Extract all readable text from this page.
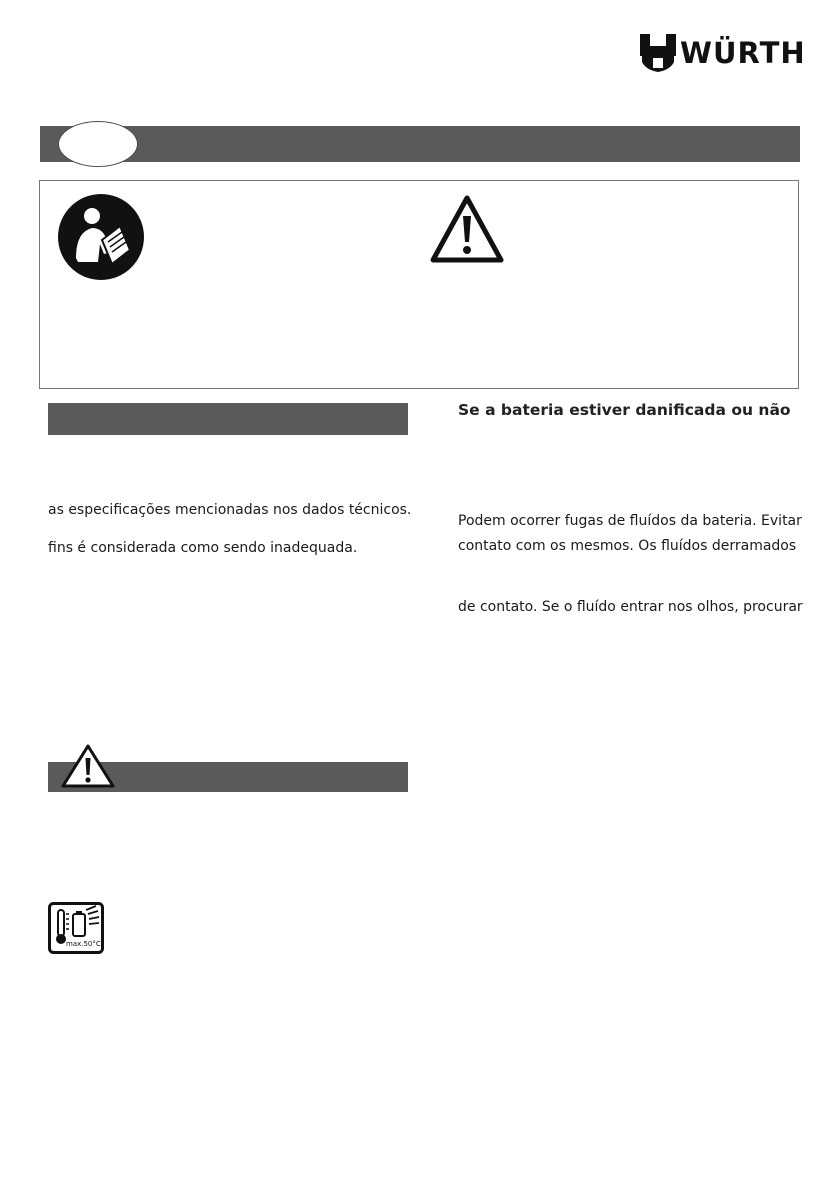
WÜRTH
as especificações mencionadas nos dados técnicos.
fins é considerada como sendo inadequada.
max.50°C
Se a bateria estiver danificada ou não
Podem ocorrer fugas de fluídos da bateria. Evitar
contato com os mesmos. Os fluídos derramados
de contato. Se o fluído entrar nos olhos, procurar
